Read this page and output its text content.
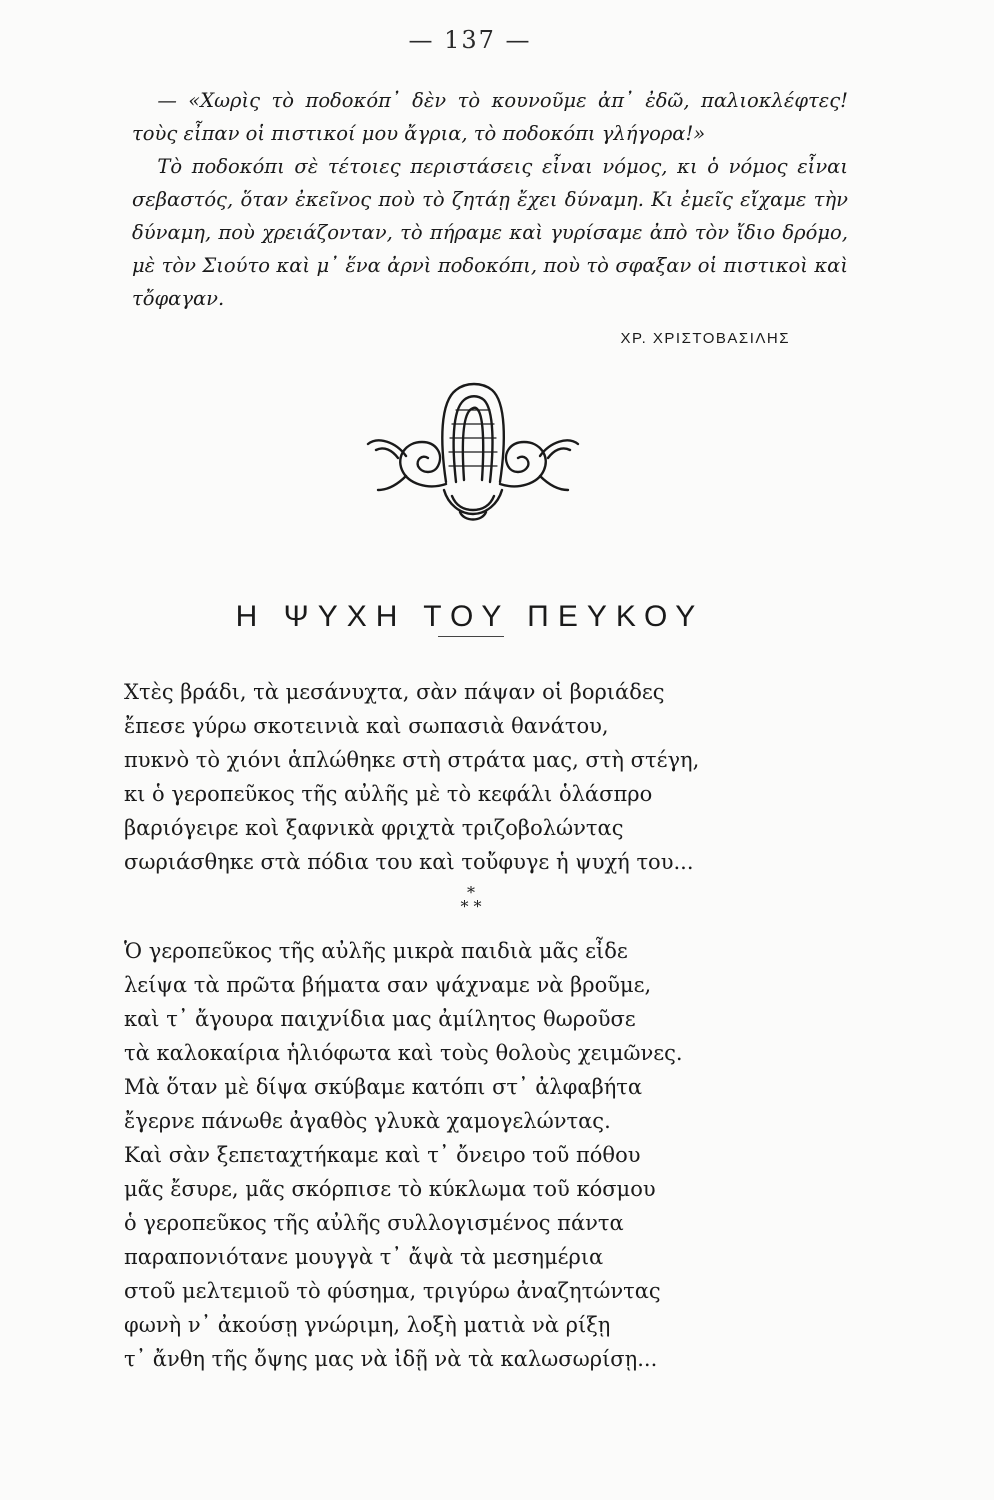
— 137 —

— «Χωρὶς τὸ ποδοκόπ᾿ δὲν τὸ κουνοῦμε ἀπ᾿ ἐδῶ, παλιοκλέφτες! τοὺς εἶπαν οἱ πιστικοί μου ἄγρια, τὸ ποδοκόπι γλήγορα!»

Τὸ ποδοκόπι σὲ τέτοιες περιστάσεις εἶναι νόμος, κι ὁ νόμος εἶναι σεβαστός, ὅταν ἐκεῖνος ποὺ τὸ ζητάῃ ἔχει δύναμη. Κι ἐμεῖς εἴχαμε τὴν δύναμη, ποὺ χρειάζονταν, τὸ πήραμε καὶ γυρίσαμε ἀπὸ τὸν ἴδιο δρόμο, μὲ τὸν Σιούτο καὶ μ᾿ ἕνα ἀρνὶ ποδοκόπι, ποὺ τὸ σφαξαν οἱ πιστικοὶ καὶ τὄφαγαν.

ΧΡ. ΧΡΙΣΤΟΒΑΣΙΛΗΣ
Η ΨΥΧΗ ΤΟΥ ΠΕΥΚΟΥ
Χτὲς βράδι, τὰ μεσάνυχτα, σὰν πάψαν οἱ βοριάδες
ἔπεσε γύρω σκοτεινιὰ καὶ σωπασιὰ θανάτου,
πυκνὸ τὸ χιόνι ἁπλώθηκε στὴ στράτα μας, στὴ στέγη,
κι ὁ γεροπεῦκος τῆς αὐλῆς μὲ τὸ κεφάλι ὁλάσπρο
βαριόγειρε κοὶ ξαφνικὰ φριχτὰ τριζοβολώντας
σωριάσθηκε στὰ πόδια του καὶ τοὔφυγε ἡ ψυχή του...
*
* *
Ὁ γεροπεῦκος τῆς αὐλῆς μικρὰ παιδιὰ μᾶς εἶδε
λείψα τὰ πρῶτα βήματα σαν ψάχναμε νὰ βροῦμε,
καὶ τ᾿ ἄγουρα παιχνίδια μας ἀμίλητος θωροῦσε
τὰ καλοκαίρια ἡλιόφωτα καὶ τοὺς θολοὺς χειμῶνες.
Μὰ ὅταν μὲ δίψα σκύβαμε κατόπι στ᾿ ἀλφαβήτα
ἔγερνε πάνωθε ἀγαθὸς γλυκὰ χαμογελώντας.
Καὶ σὰν ξεπεταχτήκαμε καὶ τ᾿ ὄνειρο τοῦ πόθου
μᾶς ἔσυρε, μᾶς σκόρπισε τὸ κύκλωμα τοῦ κόσμου
ὁ γεροπεῦκος τῆς αὐλῆς συλλογισμένος πάντα
παραπονιότανε μουγγὰ τ᾿ ἄψὰ τὰ μεσημέρια
στοῦ μελτεμιοῦ τὸ φύσημα, τριγύρω ἀναζητώντας
φωνὴ ν᾿ ἀκούσῃ γνώριμη, λοξὴ ματιὰ νὰ ρίξῃ
τ᾿ ἄνθη τῆς ὄψης μας νὰ ἰδῇ νὰ τὰ καλωσωρίσῃ...
